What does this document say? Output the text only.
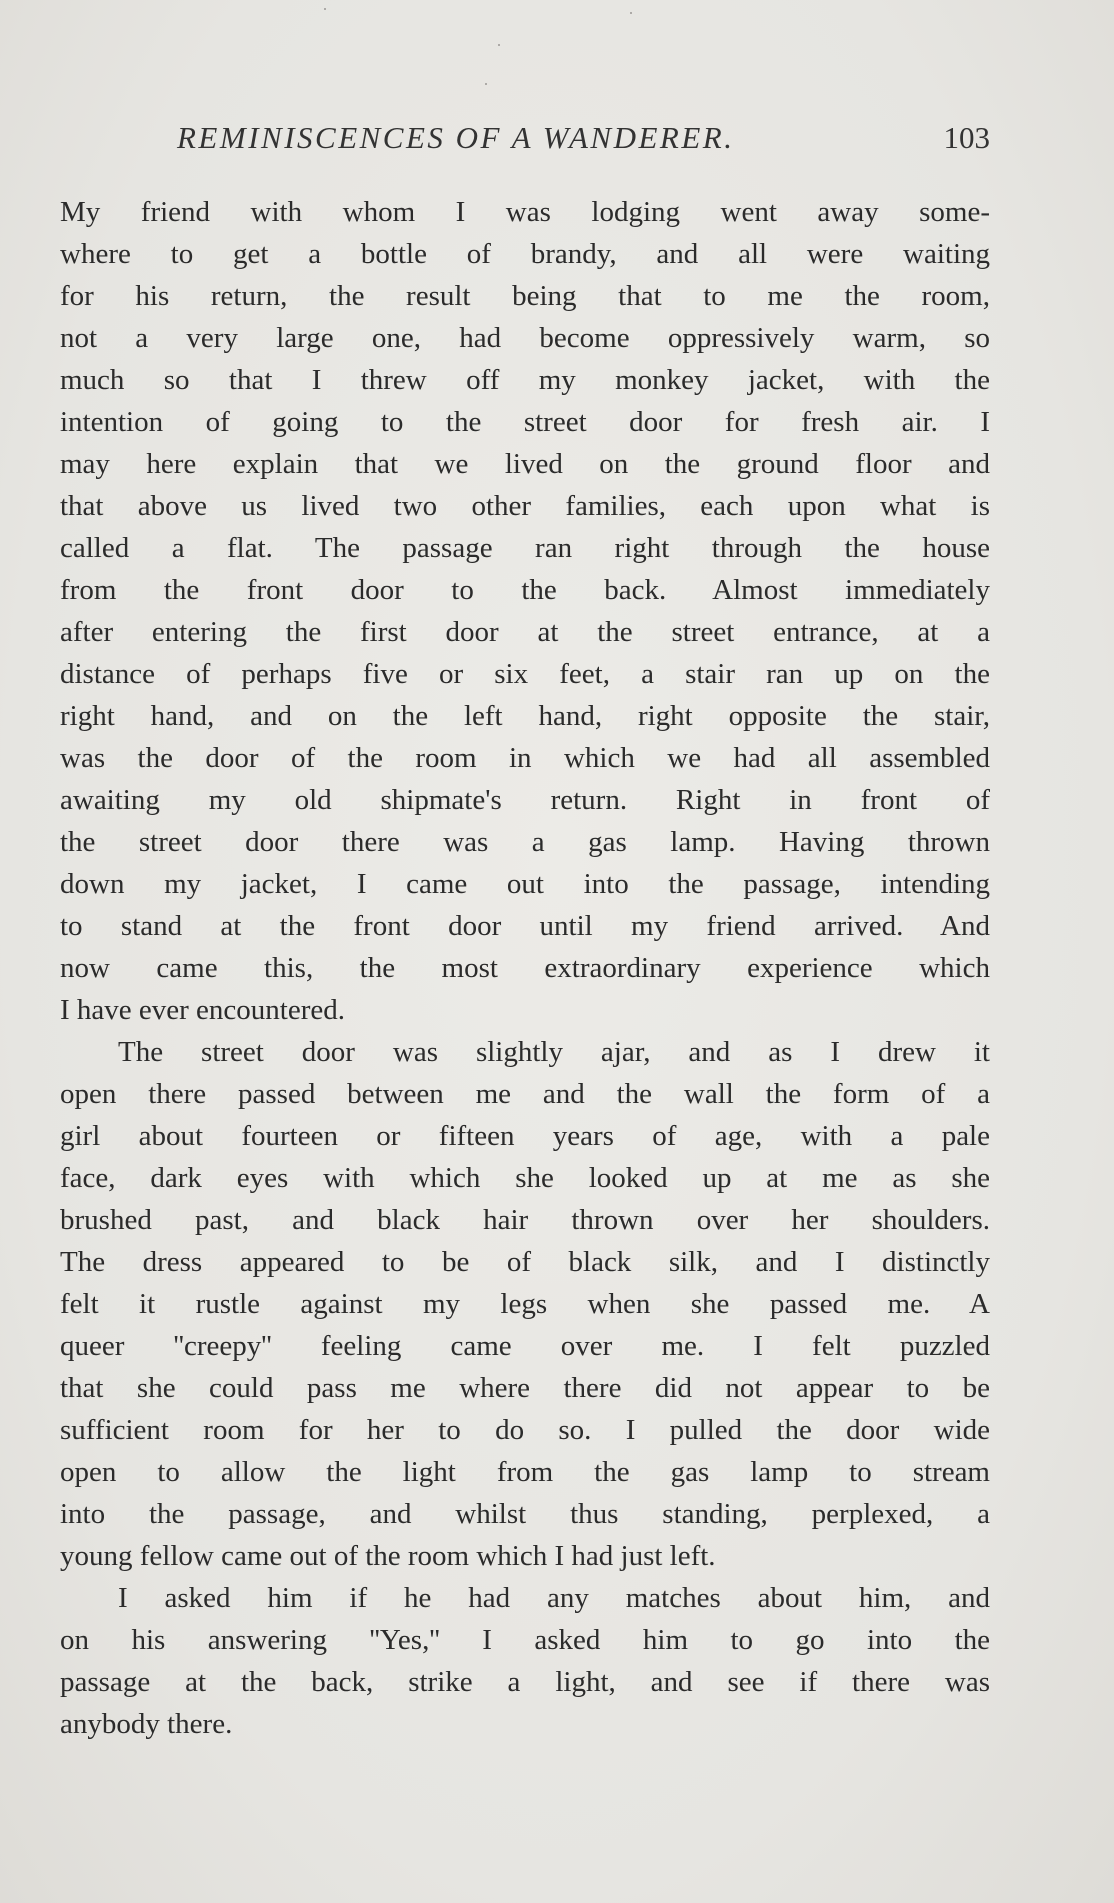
REMINISCENCES OF A WANDERER.	103
My friend with whom I was lodging went away some-
where to get a bottle of brandy, and all were waiting
for his return, the result being that to me the room,
not a very large one, had become oppressively warm, so
much so that I threw off my monkey jacket, with the
intention of going to the street door for fresh air. I
may here explain that we lived on the ground floor and
that above us lived two other families, each upon what is
called a flat. The passage ran right through the house
from the front door to the back. Almost immediately
after entering the first door at the street entrance, at a
distance of perhaps five or six feet, a stair ran up on the
right hand, and on the left hand, right opposite the stair,
was the door of the room in which we had all assembled
awaiting my old shipmate's return. Right in front of
the street door there was a gas lamp. Having thrown
down my jacket, I came out into the passage, intending
to stand at the front door until my friend arrived. And
now came this, the most extraordinary experience which
I have ever encountered.
The street door was slightly ajar, and as I drew it
open there passed between me and the wall the form of a
girl about fourteen or fifteen years of age, with a pale
face, dark eyes with which she looked up at me as she
brushed past, and black hair thrown over her shoulders.
The dress appeared to be of black silk, and I distinctly
felt it rustle against my legs when she passed me. A
queer ''creepy'' feeling came over me. I felt puzzled
that she could pass me where there did not appear to be
sufficient room for her to do so. I pulled the door wide
open to allow the light from the gas lamp to stream
into the passage, and whilst thus standing, perplexed, a
young fellow came out of the room which I had just left.
I asked him if he had any matches about him, and
on his answering ''Yes,'' I asked him to go into the
passage at the back, strike a light, and see if there was
anybody there.
